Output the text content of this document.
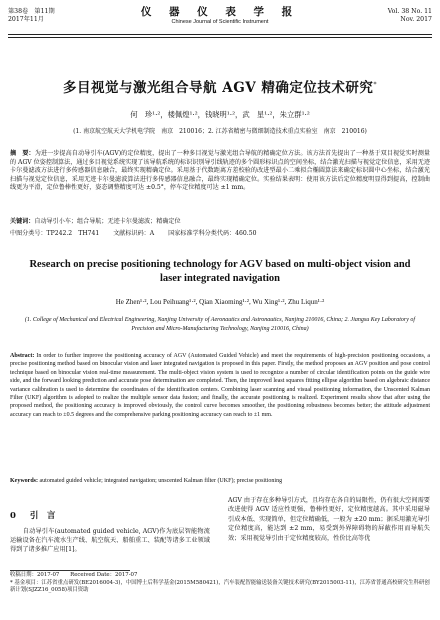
第38卷　第11期
2017年11月
仪 器 仪 表 学 报
Chinese Journal of Scientific Instrument
Vol. 38 No. 11
Nov. 2017
多目视觉与激光组合导航 AGV 精确定位技术研究*
何　珍¹·²，楼佩煌¹·²，钱晓明¹·²，武　星¹·²，朱立群¹·²
(1. 南京航空航天大学机电学院　南京　210016；2. 江苏省精密与微细制造技术重点实验室　南京　210016)
摘　要：为进一步提高自动导引车(AGV)的定位精度，提出了一种多目视觉与激光组合导航的精确定位方法。该方法首先提出了一种基于双目视觉实时测量的 AGV 位姿控制算法，通过多目视觉系统实现了该导航系统的标识识别导引线轨迹的多个圆形标识点的空间坐标，结合激光扫描与视觉定位信息，采用无迹卡尔曼滤波方法进行多传感器信息融合，最终实现精确定位。采用基于代数距离方差校验的改进型最小二乘拟合椭圆算法来确定标识圆中心坐标，结合激光扫描与视觉定位信息，采用无迹卡尔曼滤波算法进行多传感器信息融合，最终实现精确定位。实验结果表明：使用该方法后定位精度明显得到提高，控制曲线更为平滑，定位鲁棒性更好，姿态调整精度可达 ±0.5°，停车定位精度可达 ±1 mm。
关键词：自动导引小车；组合导航；无迹卡尔曼滤波；精确定位
中图分类号：TP242.2　TH741 文献标识码：A 国家标准学科分类代码：460.50
Research on precise positioning technology for AGV based on multi-object vision and laser integrated navigation
He Zhen¹·², Lou Peihuang¹·², Qian Xiaoming¹·², Wu Xing¹·², Zhu Liqun¹·²
(1. College of Mechanical and Electrical Engineering, Nanjing University of Aeronautics and Astronautics, Nanjing 210016, China; 2. Jiangsu Key Laboratory of Precision and Micro-Manufacturing Technology, Nanjing 210016, China)
Abstract: In order to further improve the positioning accuracy of AGV (Automated Guided Vehicle) and meet the requirements of high-precision positioning occasions, a precise positioning method based on binocular vision and laser integrated navigation is proposed in this paper. Firstly, the method proposes an AGV position and pose control technique based on binocular vision real-time measurement. The multi-object vision system is used to recognize a number of circular identification points on the guide wire side, and the forward looking prediction and accurate pose determination are completed. Then, the improved least squares fitting ellipse algorithm based on algebraic distance variance calibration is used to determine the coordinates of the identification centers. Combining laser scanning and visual positioning information, the Unscented Kalman Filter (UKF) algorithm is adopted to realize the multiple sensor data fusion; and finally, the accurate positioning is realized. Experiment results show that after using the proposed method, the positioning accuracy is improved obviously, the control curve becomes smoother, the positioning robustness becomes better; the attitude adjustment accuracy can reach to ±0.5 degrees and the comprehensive parking positioning accuracy can reach to ±1 mm.
Keywords: automated guided vehicle; integrated navigation; unscented Kalman filter (UKF); precise positioning
0 引　言
　　自动导引车(automated guided vehicle, AGV)作为底层智能物流运输设备在汽车流水生产线、航空航天、船舶重工、装配等诸多工业领域得到了诸多推广应用[1]。
AGV 由于存在多种导引方式，且均存在各自的局限性，仍有很大空间需要改进使得 AGV 适应性更强，鲁棒性更好，定位精度越高。其中采用磁导引成本低、实现简单，但定位精确低，一般为 ±20 mm；据采用激光导引定位精度高，能达到 ±2 mm，易受到外界障碍物的屏蔽作用而导航失效；采用视觉导引由于定位精度较高，性价比高等优
收稿日期：2017-07　　Received Date：2017-07
* 基金项目：江苏省重点研发(BE2016004-3)，中国博士后科学基金(2015M580421)，汽车装配智能输送装备关键技术研究(BY2015003-11)，江苏省普通高校研究生科研创新计划(SJZZ16_0058)项目资助
